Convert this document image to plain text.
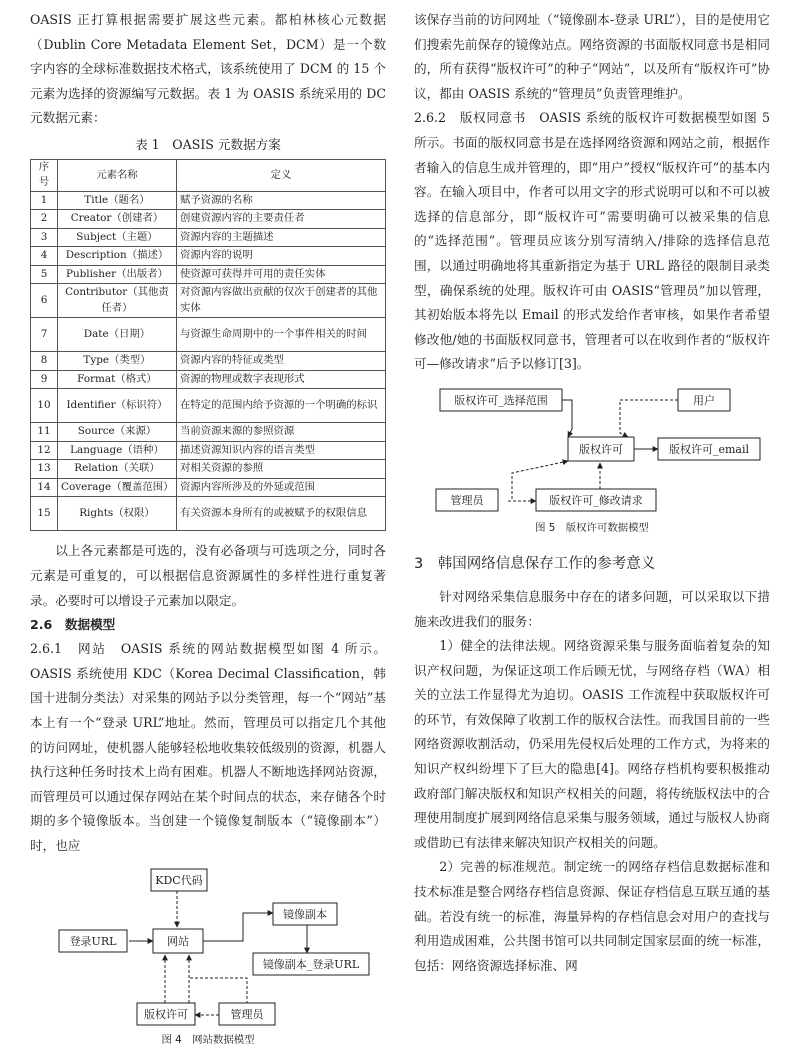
OASIS 正打算根据需要扩展这些元素。都柏林核心元数据（Dublin Core Metadata Element Set，DCM）是一个数字内容的全球标准数据技术格式，该系统使用了 DCM 的 15 个元素为选择的资源编写元数据。表 1 为 OASIS 系统采用的 DC 元数据元素：

表 1　OASIS 元数据方案
序号	元素名称	定义
1	Title（题名）	赋予资源的名称
2	Creator（创建者）	创建资源内容的主要责任者
3	Subject（主题）	资源内容的主题描述
4	Description（描述）	资源内容的说明
5	Publisher（出版者）	使资源可获得并可用的责任实体
6	Contributor（其他责任者）	对资源内容做出贡献的仅次于创建者的其他实体
7	Date（日期）	与资源生命周期中的一个事件相关的时间
8	Type（类型）	资源内容的特征或类型
9	Format（格式）	资源的物理或数字表现形式
10	Identifier（标识符）	在特定的范围内给予资源的一个明确的标识
11	Source（来源）	当前资源来源的参照资源
12	Language（语种）	描述资源知识内容的语言类型
13	Relation（关联）	对相关资源的参照
14	Coverage（覆盖范围）	资源内容所涉及的外延或范围
15	Rights（权限）	有关资源本身所有的或被赋予的权限信息

以上各元素都是可选的，没有必备项与可选项之分，同时各元素是可重复的，可以根据信息资源属性的多样性进行重复著录。必要时可以增设子元素加以限定。

2.6　数据模型

2.6.1　网站　OASIS 系统的网站数据模型如图 4 所示。OASIS 系统使用 KDC（Korea Decimal Classification，韩国十进制分类法）对采集的网站予以分类管理，每一个“网站”基本上有一个“登录 URL”地址。然而，管理员可以指定几个其他的访问网址，使机器人能够轻松地收集较低级别的资源，机器人执行这种任务时技术上尚有困难。机器人不断地选择网站资源，而管理员可以通过保存网站在某个时间点的状态，来存储各个时期的多个镜像版本。当创建一个镜像复制版本（“镜像副本”）时，也应

KDC代码
登录URL	网站
镜像副本
镜像副本_登录URL
版权许可	管理员
图 4　网站数据模型

该保存当前的访问网址（“镜像副本-登录 URL”），目的是使用它们搜索先前保存的镜像站点。网络资源的书面版权同意书是相同的，所有获得“版权许可”的种子“网站”，以及所有“版权许可”协议，都由 OASIS 系统的“管理员”负责管理维护。

2.6.2　版权同意书　OASIS 系统的版权许可数据模型如图 5 所示。书面的版权同意书是在选择网络资源和网站之前，根据作者输入的信息生成并管理的，即“用户”授权“版权许可”的基本内容。在输入项目中，作者可以用文字的形式说明可以和不可以被选择的信息部分，即“版权许可”需要明确可以被采集的信息的“选择范围”。管理员应该分别写清纳入/排除的选择信息范围，以通过明确地将其重新指定为基于 URL 路径的限制目录类型，确保系统的处理。版权许可由 OASIS“管理员”加以管理，其初始版本将先以 Email 的形式发给作者审核，如果作者希望修改他/她的书面版权同意书，管理者可以在收到作者的“版权许可—修改请求”后予以修订[3]。

版权许可_选择范围	用户
版权许可	版权许可_email
管理员	版权许可_修改请求
图 5　版权许可数据模型

3　韩国网络信息保存工作的参考意义

针对网络采集信息服务中存在的诸多问题，可以采取以下措施来改进我们的服务：

1）健全的法律法规。网络资源采集与服务面临着复杂的知识产权问题，为保证这项工作后顾无忧，与网络存档（WA）相关的立法工作显得尤为迫切。OASIS 工作流程中获取版权许可的环节，有效保障了收割工作的版权合法性。而我国目前的一些网络资源收割活动，仍采用先侵权后处理的工作方式，为将来的知识产权纠纷埋下了巨大的隐患[4]。网络存档机构要积极推动政府部门解决版权和知识产权相关的问题，将传统版权法中的合理使用制度扩展到网络信息采集与服务领域，通过与版权人协商或借助已有法律来解决知识产权相关的问题。

2）完善的标准规范。制定统一的网络存档信息数据标准和技术标准是整合网络存档信息资源、保证存档信息互联互通的基础。若没有统一的标准，海量异构的存档信息会对用户的查找与利用造成困难，公共图书馆可以共同制定国家层面的统一标准，包括：网络资源选择标准、网
